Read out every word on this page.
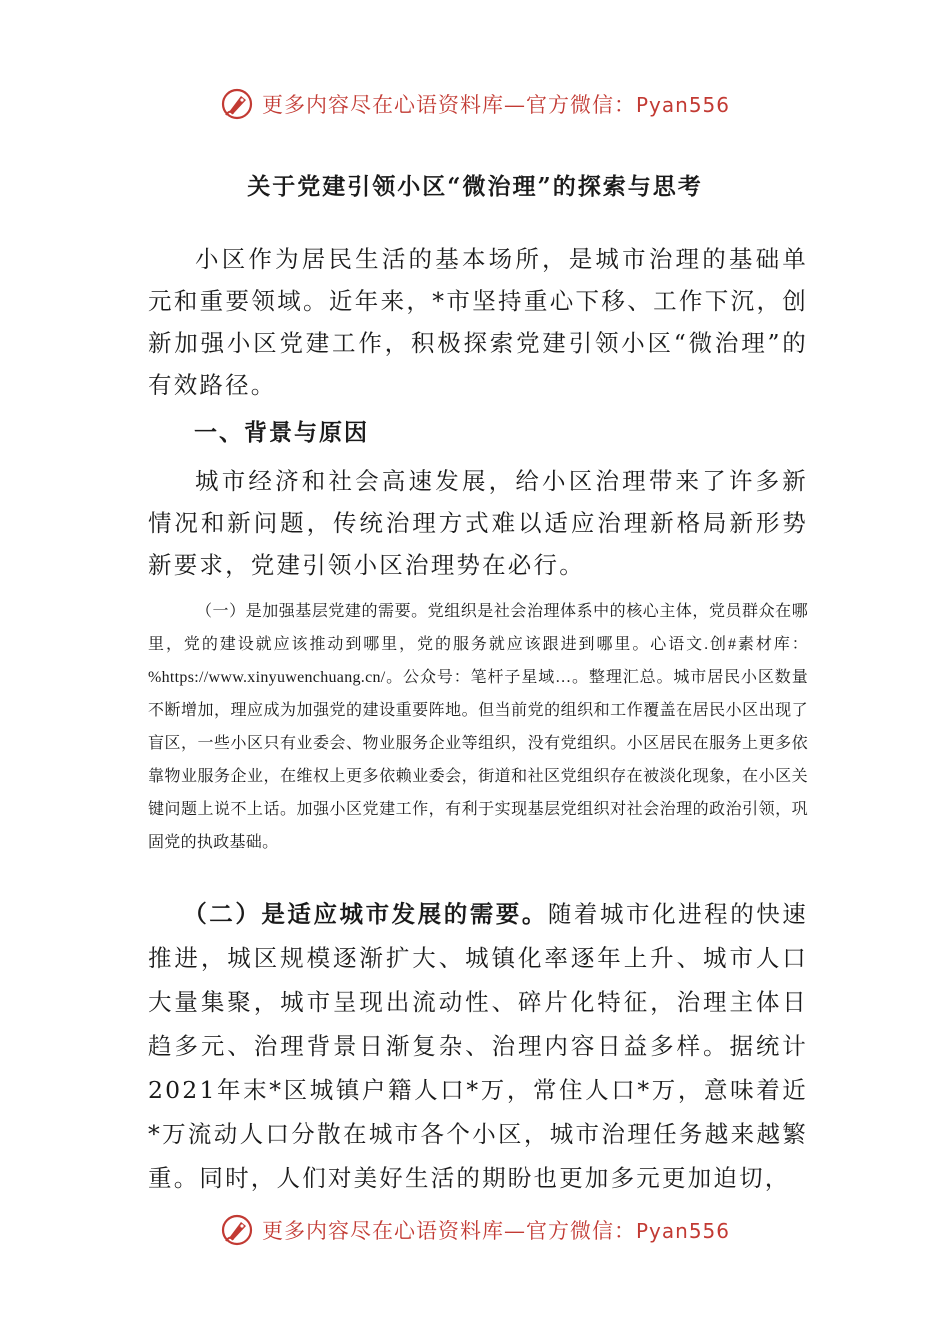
更多内容尽在心语资料库—官方微信：Pyan556
关于党建引领小区“微治理”的探索与思考

小区作为居民生活的基本场所，是城市治理的基础单元和重要领域。近年来，*市坚持重心下移、工作下沉，创新加强小区党建工作，积极探索党建引领小区“微治理”的有效路径。

一、背景与原因

城市经济和社会高速发展，给小区治理带来了许多新情况和新问题，传统治理方式难以适应治理新格局新形势新要求，党建引领小区治理势在必行。

（一）是加强基层党建的需要。党组织是社会治理体系中的核心主体，党员群众在哪里，党的建设就应该推动到哪里，党的服务就应该跟进到哪里。心语文.创#素材库：%https://www.xinyuwenchuang.cn/。公众号：笔杆子星域…。整理汇总。城市居民小区数量不断增加，理应成为加强党的建设重要阵地。但当前党的组织和工作覆盖在居民小区出现了盲区，一些小区只有业委会、物业服务企业等组织，没有党组织。小区居民在服务上更多依靠物业服务企业，在维权上更多依赖业委会，街道和社区党组织存在被淡化现象，在小区关键问题上说不上话。加强小区党建工作，有利于实现基层党组织对社会治理的政治引领，巩固党的执政基础。

（二）是适应城市发展的需要。随着城市化进程的快速推进，城区规模逐渐扩大、城镇化率逐年上升、城市人口大量集聚，城市呈现出流动性、碎片化特征，治理主体日趋多元、治理背景日渐复杂、治理内容日益多样。据统计2021年末*区城镇户籍人口*万，常住人口*万，意味着近*万流动人口分散在城市各个小区，城市治理任务越来越繁重。同时，人们对美好生活的期盼也更加多元更加迫切，

更多内容尽在心语资料库—官方微信：Pyan556
